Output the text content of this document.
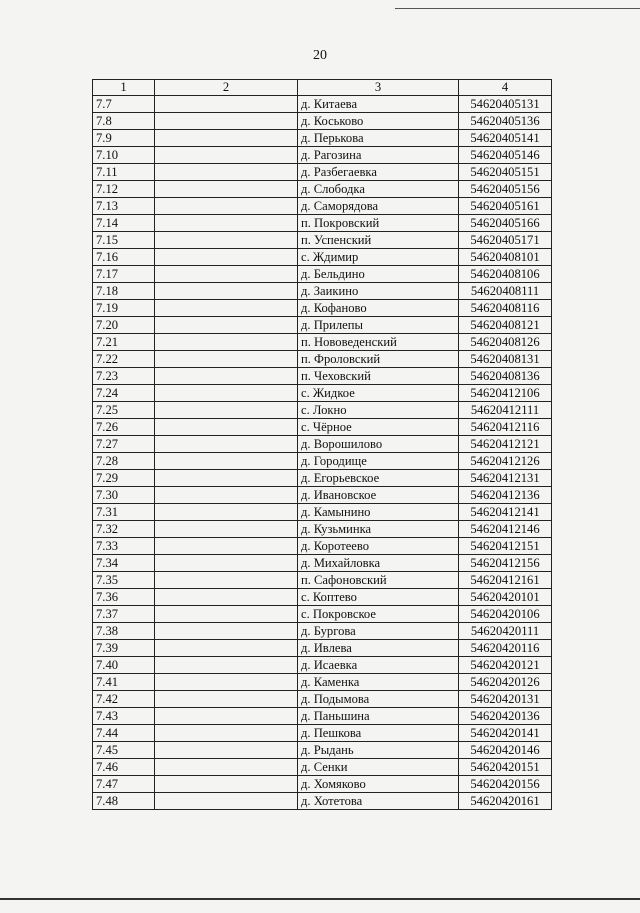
20
1	2	3	4
7.7		д. Китаева	54620405131
7.8		д. Коськово	54620405136
7.9		д. Перькова	54620405141
7.10		д. Рагозина	54620405146
7.11		д. Разбегаевка	54620405151
7.12		д. Слободка	54620405156
7.13		д. Саморядова	54620405161
7.14		п. Покровский	54620405166
7.15		п. Успенский	54620405171
7.16		с. Ждимир	54620408101
7.17		д. Бельдино	54620408106
7.18		д. Заикино	54620408111
7.19		д. Кофаново	54620408116
7.20		д. Прилепы	54620408121
7.21		п. Нововеденский	54620408126
7.22		п. Фроловский	54620408131
7.23		п. Чеховский	54620408136
7.24		с. Жидкое	54620412106
7.25		с. Локно	54620412111
7.26		с. Чёрное	54620412116
7.27		д. Ворошилово	54620412121
7.28		д. Городище	54620412126
7.29		д. Егорьевское	54620412131
7.30		д. Ивановское	54620412136
7.31		д. Камынино	54620412141
7.32		д. Кузьминка	54620412146
7.33		д. Коротеево	54620412151
7.34		д. Михайловка	54620412156
7.35		п. Сафоновский	54620412161
7.36		с. Коптево	54620420101
7.37		с. Покровское	54620420106
7.38		д. Бургова	54620420111
7.39		д. Ивлева	54620420116
7.40		д. Исаевка	54620420121
7.41		д. Каменка	54620420126
7.42		д. Подымова	54620420131
7.43		д. Паньшина	54620420136
7.44		д. Пешкова	54620420141
7.45		д. Рыдань	54620420146
7.46		д. Сенки	54620420151
7.47		д. Хомяково	54620420156
7.48		д. Хотетова	54620420161
